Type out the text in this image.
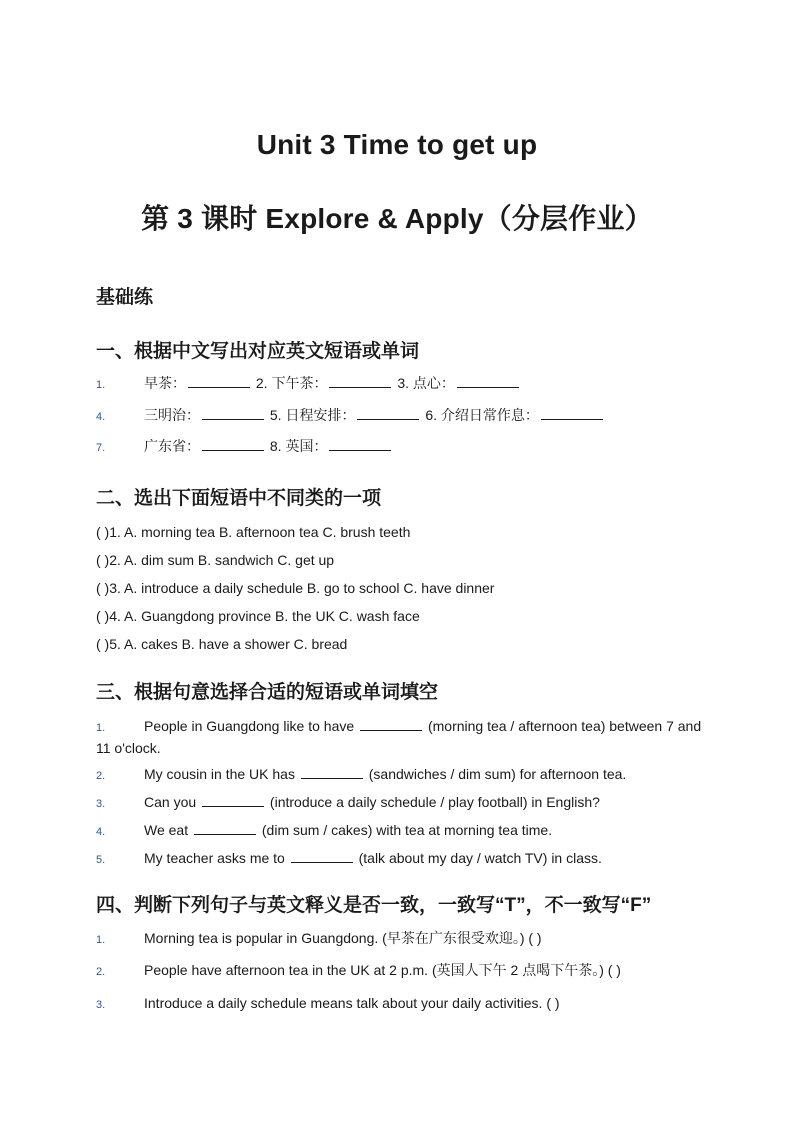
Unit 3 Time to get up
第 3 课时 Explore & Apply（分层作业）
基础练
一、根据中文写出对应英文短语或单词
1.	早茶：	2. 下午茶：	3. 点心：
4.	三明治：	5. 日程安排：	6. 介绍日常作息：
7.	广东省：	8. 英国：
二、选出下面短语中不同类的一项
( )1. A. morning tea B. afternoon tea C. brush teeth
( )2. A. dim sum B. sandwich C. get up
( )3. A. introduce a daily schedule B. go to school C. have dinner
( )4. A. Guangdong province B. the UK C. wash face
( )5. A. cakes B. have a shower C. bread
三、根据句意选择合适的短语或单词填空
1.	People in Guangdong like to have	(morning tea / afternoon tea) between 7 and 11 o'clock.
2.	My cousin in the UK has	(sandwiches / dim sum) for afternoon tea.
3.	Can you	(introduce a daily schedule / play football) in English?
4.	We eat	(dim sum / cakes) with tea at morning tea time.
5.	My teacher asks me to	(talk about my day / watch TV) in class.
四、判断下列句子与英文释义是否一致，一致写“T”，不一致写“F”
1.	Morning tea is popular in Guangdong. (早茶在广东很受欢迎。) ( )
2.	People have afternoon tea in the UK at 2 p.m. (英国人下午 2 点喝下午茶。) ( )
3.	Introduce a daily schedule means talk about your daily activities. ( )
